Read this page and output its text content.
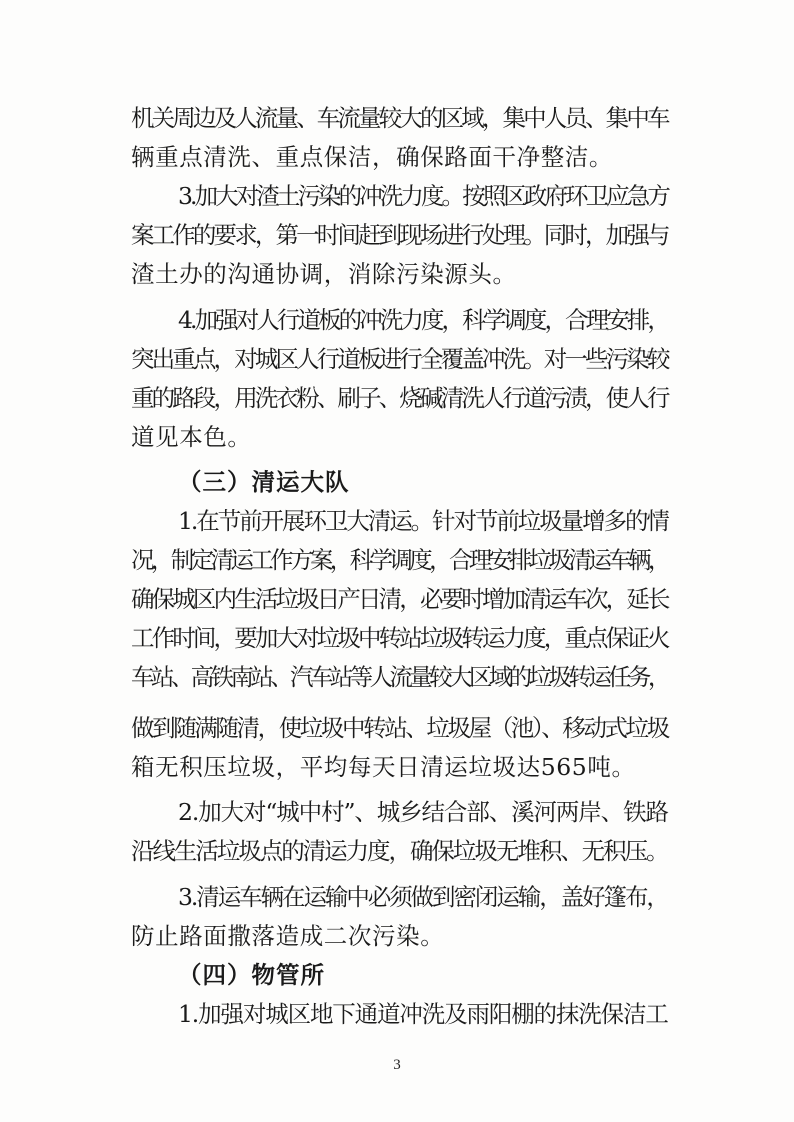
机关周边及人流量、车流量较大的区域，集中人员、集中车
辆重点清洗、重点保洁，确保路面干净整洁。
3.加大对渣土污染的冲洗力度。按照区政府环卫应急方
案工作的要求，第一时间赶到现场进行处理。同时，加强与
渣土办的沟通协调，消除污染源头。
4.加强对人行道板的冲洗力度，科学调度，合理安排，
突出重点，对城区人行道板进行全覆盖冲洗。对一些污染较
重的路段，用洗衣粉、刷子、烧碱清洗人行道污渍，使人行
道见本色。
（三）清运大队
1.在节前开展环卫大清运。针对节前垃圾量增多的情
况，制定清运工作方案，科学调度，合理安排垃圾清运车辆，
确保城区内生活垃圾日产日清，必要时增加清运车次，延长
工作时间，要加大对垃圾中转站垃圾转运力度，重点保证火
车站、高铁南站、汽车站等人流量较大区域的垃圾转运任务，
做到随满随清，使垃圾中转站、垃圾屋（池）、移动式垃圾
箱无积压垃圾，平均每天日清运垃圾达565吨。
2.加大对“城中村”、城乡结合部、溪河两岸、铁路
沿线生活垃圾点的清运力度，确保垃圾无堆积、无积压。
3.清运车辆在运输中必须做到密闭运输，盖好篷布，
防止路面撒落造成二次污染。
（四）物管所
1.加强对城区地下通道冲洗及雨阳棚的抹洗保洁工
3
